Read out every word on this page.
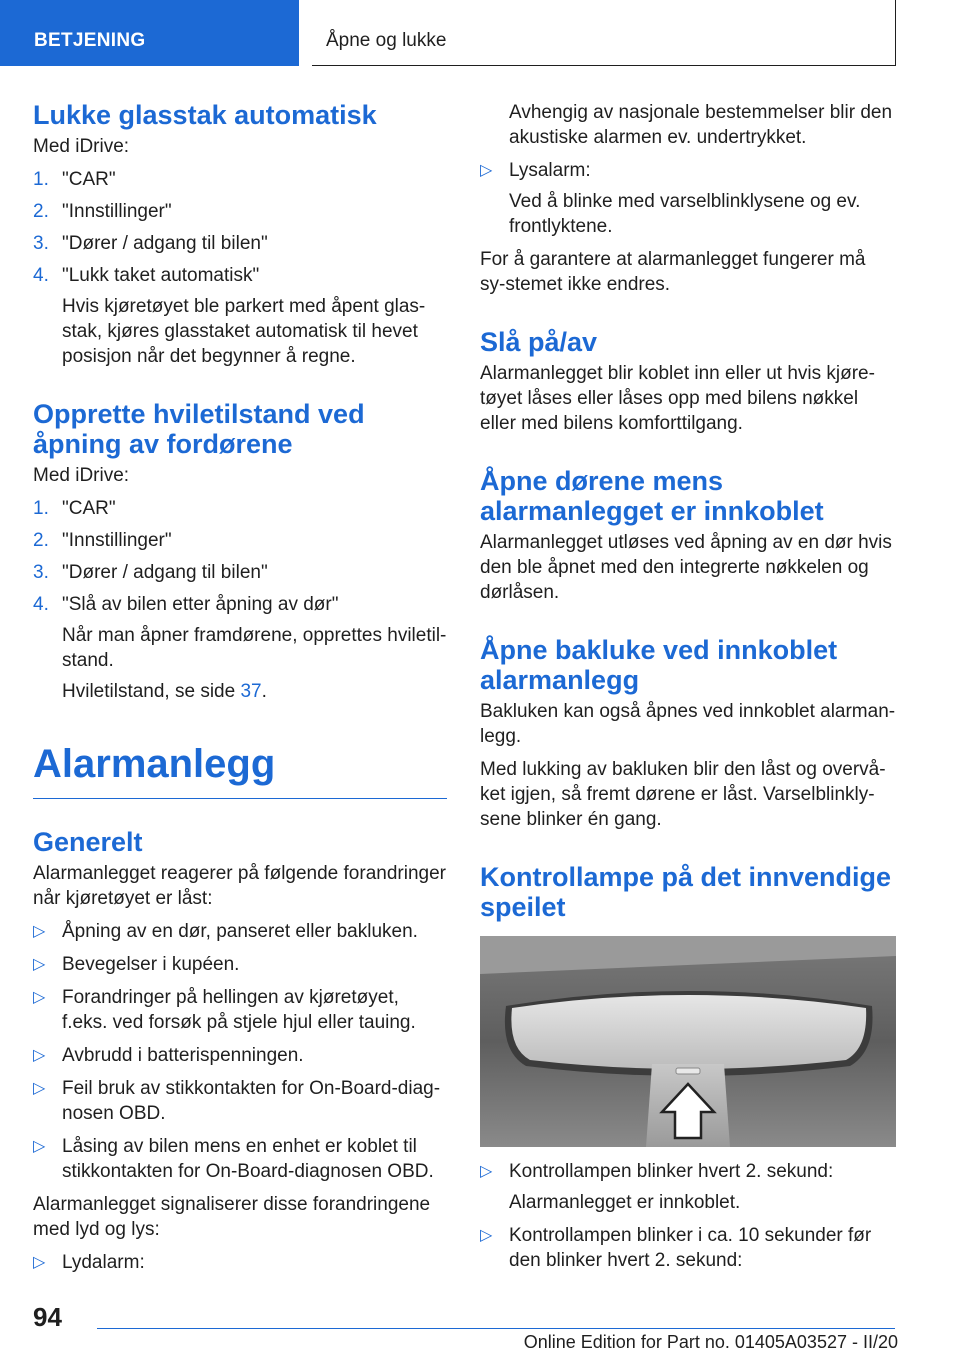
BETJENING	Åpne og lukke
Lukke glasstak automatisk

Med iDrive:

1. "CAR"
2. "Innstillinger"
3. "Dører / adgang til bilen"
4. "Lukk taket automatisk"
Hvis kjøretøyet ble parkert med åpent glas-stak, kjøres glasstaket automatisk til hevet posisjon når det begynner å regne.
Opprette hviletilstand ved åpning av fordørene

Med iDrive:

1. "CAR"
2. "Innstillinger"
3. "Dører / adgang til bilen"
4. "Slå av bilen etter åpning av dør"
Når man åpner framdørene, opprettes hviletil-stand.
Hviletilstand, se side 37.
Alarmanlegg
Generelt

Alarmanlegget reagerer på følgende forandringer når kjøretøyet er låst:

▷ Åpning av en dør, panseret eller bakluken.
▷ Bevegelser i kupéen.
▷ Forandringer på hellingen av kjøretøyet, f.eks. ved forsøk på stjele hjul eller tauing.
▷ Avbrudd i batterispenningen.
▷ Feil bruk av stikkontakten for On-Board-diag-nosen OBD.
▷ Låsing av bilen mens en enhet er koblet til stikkontakten for On-Board-diagnosen OBD.

Alarmanlegget signaliserer disse forandringene med lyd og lys:

▷ Lydalarm:
Avhengig av nasjonale bestemmelser blir den akustiske alarmen ev. undertrykket.
▷ Lysalarm:
Ved å blinke med varselblinklysene og ev. frontlyktene.

For å garantere at alarmanlegget fungerer må sy-stemet ikke endres.

Slå på/av

Alarmanlegget blir koblet inn eller ut hvis kjøre-tøyet låses eller låses opp med bilens nøkkel eller med bilens komforttilgang.

Åpne dørene mens alarmanlegget er innkoblet

Alarmanlegget utløses ved åpning av en dør hvis den ble åpnet med den integrerte nøkkelen og dørlåsen.

Åpne bakluke ved innkoblet alarmanlegg

Bakluken kan også åpnes ved innkoblet alarman-legg.

Med lukking av bakluken blir den låst og overvå-ket igjen, så fremt dørene er låst. Varselblinkly-sene blinker én gang.

Kontrollampe på det innvendige speilet
▷ Kontrollampen blinker hvert 2. sekund:
Alarmanlegget er innkoblet.
▷ Kontrollampen blinker i ca. 10 sekunder før den blinker hvert 2. sekund:
94
Online Edition for Part no. 01405A03527 - II/20
